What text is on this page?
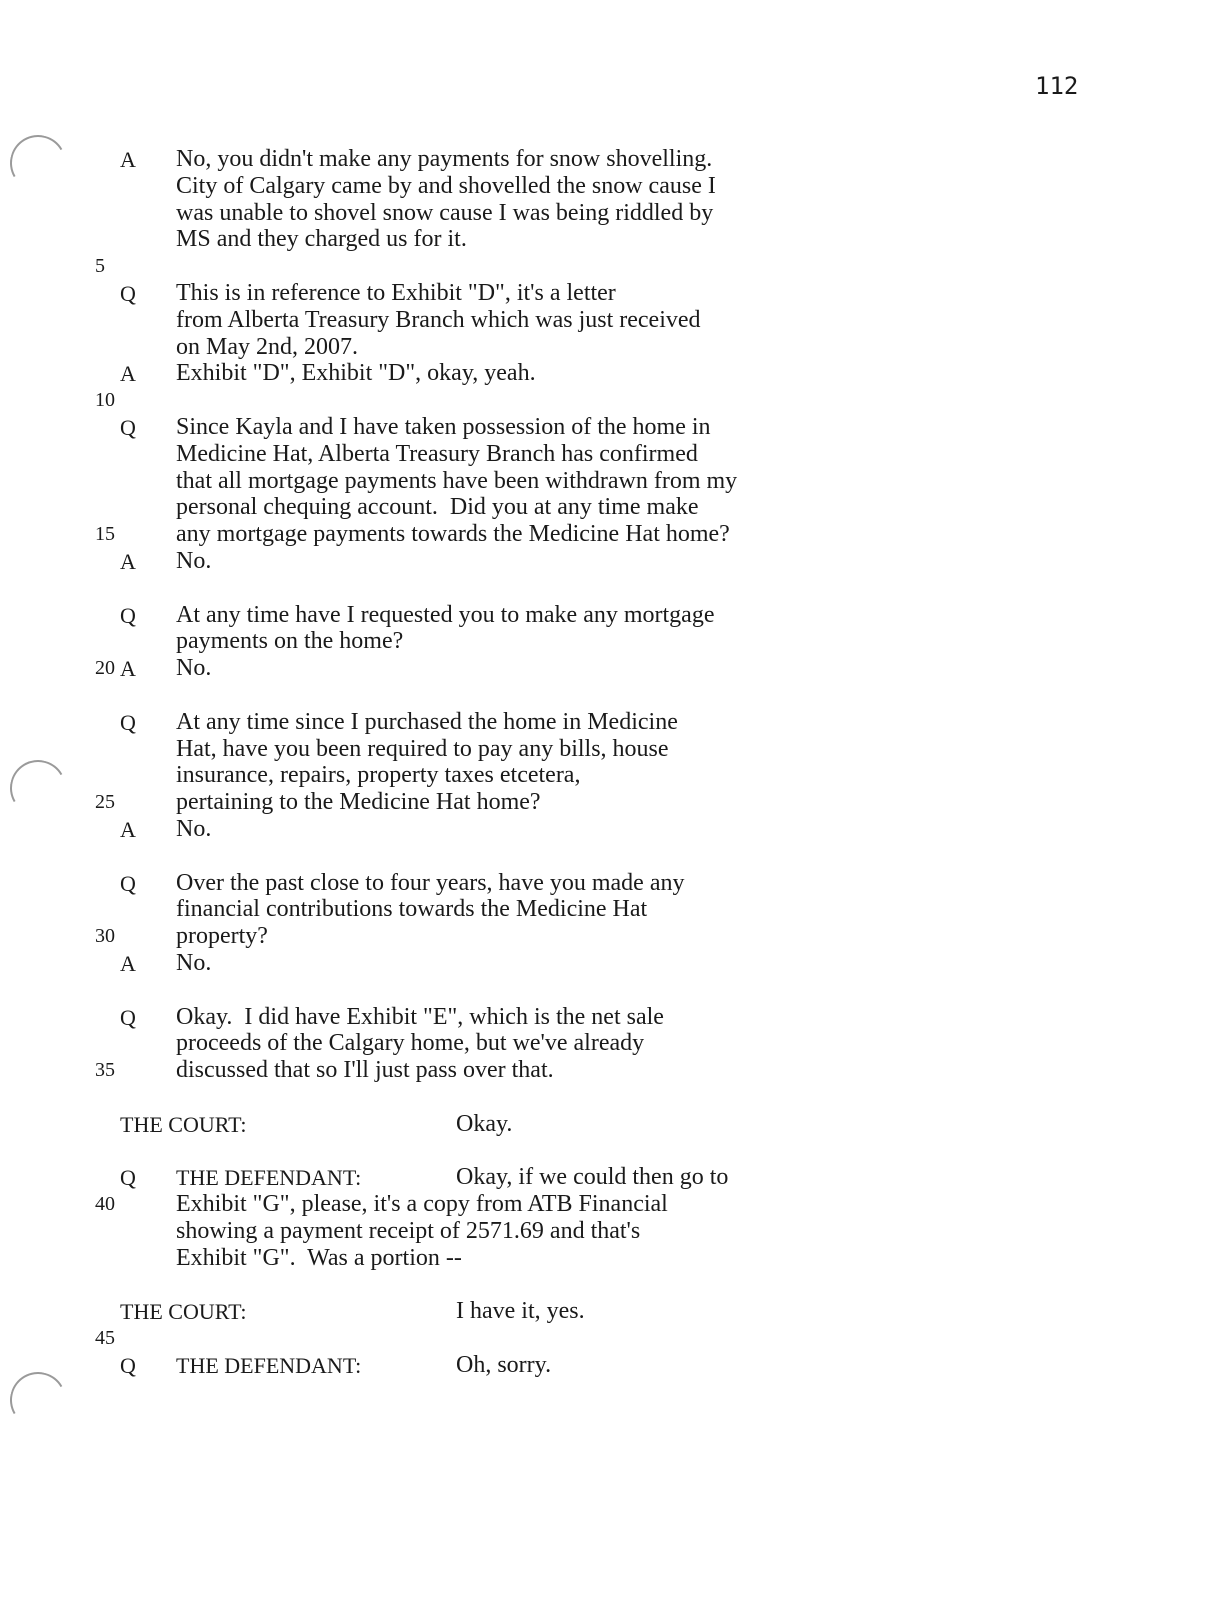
112
A No, you didn't make any payments for snow shovelling.
City of Calgary came by and shovelled the snow cause I
was unable to shovel snow cause I was being riddled by
MS and they charged us for it.
5
Q This is in reference to Exhibit "D", it's a letter
from Alberta Treasury Branch which was just received
on May 2nd, 2007.
A Exhibit "D", Exhibit "D", okay, yeah.
10
Q Since Kayla and I have taken possession of the home in
Medicine Hat, Alberta Treasury Branch has confirmed
that all mortgage payments have been withdrawn from my
personal chequing account.  Did you at any time make
15	any mortgage payments towards the Medicine Hat home?
A No.
Q At any time have I requested you to make any mortgage
payments on the home?
20 A No.
Q At any time since I purchased the home in Medicine
Hat, have you been required to pay any bills, house
insurance, repairs, property taxes etcetera,
25	pertaining to the Medicine Hat home?
A No.
Q Over the past close to four years, have you made any
financial contributions towards the Medicine Hat
30	property?
A No.
Q Okay.  I did have Exhibit "E", which is the net sale
proceeds of the Calgary home, but we've already
35	discussed that so I'll just pass over that.
THE COURT:	Okay.
Q THE DEFENDANT:	Okay, if we could then go to
40	Exhibit "G", please, it's a copy from ATB Financial
showing a payment receipt of 2571.69 and that's
Exhibit "G".  Was a portion --
THE COURT:	I have it, yes.
45
Q THE DEFENDANT:	Oh, sorry.
